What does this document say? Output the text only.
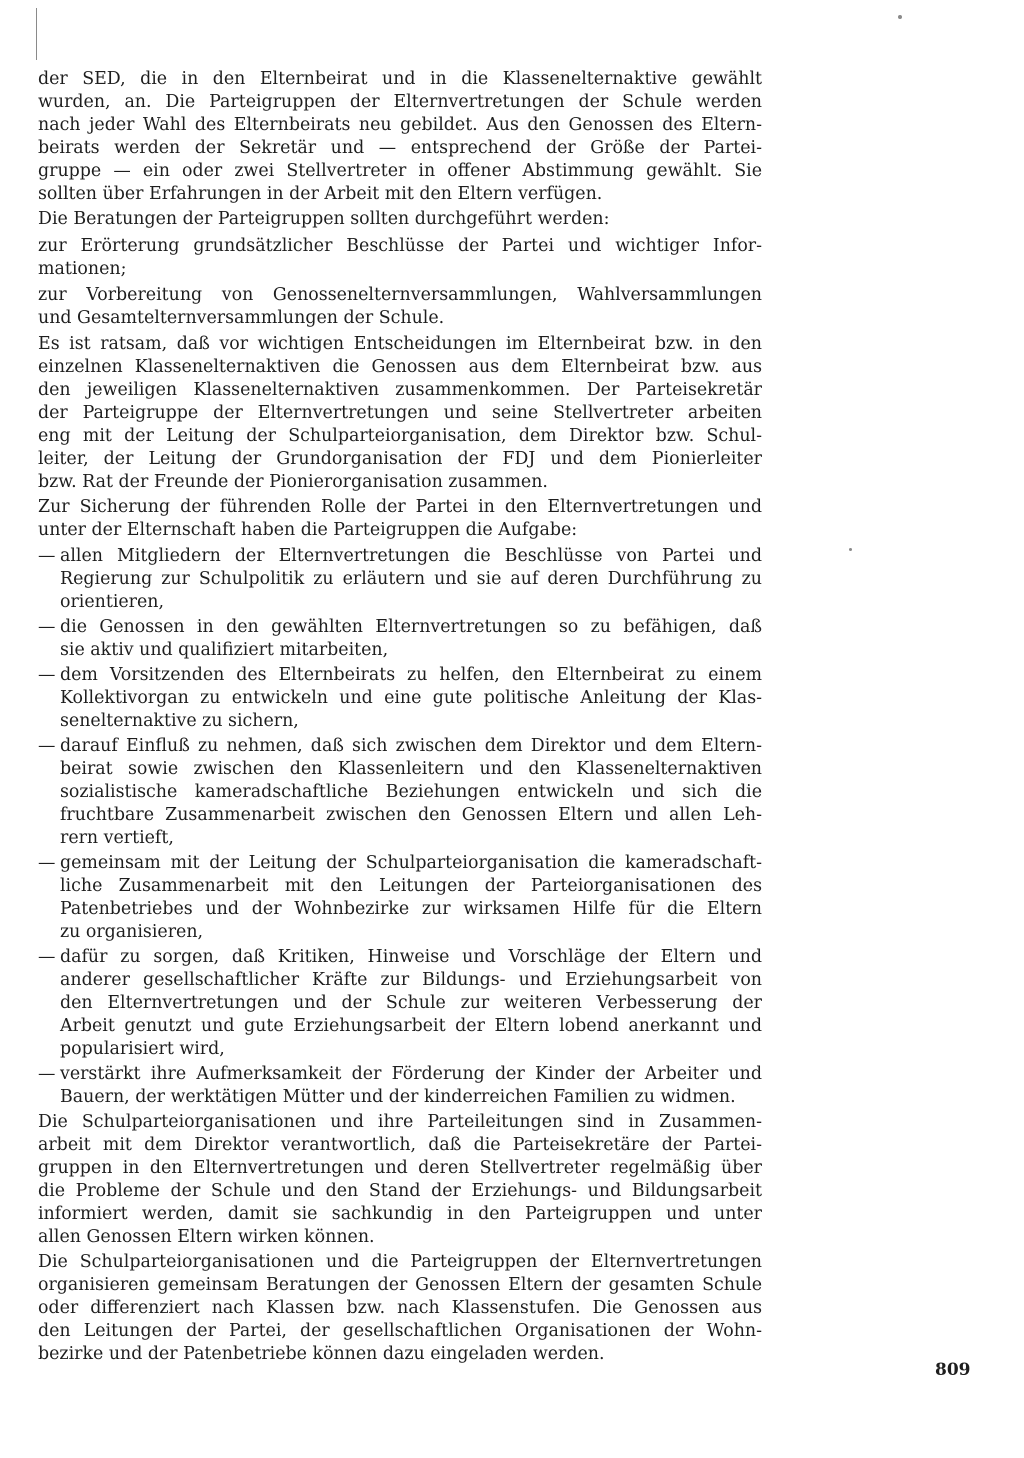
der SED, die in den Elternbeirat und in die Klassenelternaktive gewählt
wurden, an. Die Parteigruppen der Elternvertretungen der Schule werden
nach jeder Wahl des Elternbeirats neu gebildet. Aus den Genossen des Eltern-
beirats werden der Sekretär und — entsprechend der Größe der Partei-
gruppe — ein oder zwei Stellvertreter in offener Abstimmung gewählt. Sie
sollten über Erfahrungen in der Arbeit mit den Eltern verfügen.
Die Beratungen der Parteigruppen sollten durchgeführt werden:
zur Erörterung grundsätzlicher Beschlüsse der Partei und wichtiger Infor-
mationen;
zur Vorbereitung von Genossenelternversammlungen, Wahlversammlungen
und Gesamtelternversammlungen der Schule.
Es ist ratsam, daß vor wichtigen Entscheidungen im Elternbeirat bzw. in den
einzelnen Klassenelternaktiven die Genossen aus dem Elternbeirat bzw. aus
den jeweiligen Klassenelternaktiven zusammenkommen. Der Parteisekretär
der Parteigruppe der Elternvertretungen und seine Stellvertreter arbeiten
eng mit der Leitung der Schulparteiorganisation, dem Direktor bzw. Schul-
leiter, der Leitung der Grundorganisation der FDJ und dem Pionierleiter
bzw. Rat der Freunde der Pionierorganisation zusammen.
Zur Sicherung der führenden Rolle der Partei in den Elternvertretungen und
unter der Elternschaft haben die Parteigruppen die Aufgabe:
— allen Mitgliedern der Elternvertretungen die Beschlüsse von Partei und
Regierung zur Schulpolitik zu erläutern und sie auf deren Durchführung zu
orientieren,
— die Genossen in den gewählten Elternvertretungen so zu befähigen, daß
sie aktiv und qualifiziert mitarbeiten,
— dem Vorsitzenden des Elternbeirats zu helfen, den Elternbeirat zu einem
Kollektivorgan zu entwickeln und eine gute politische Anleitung der Klas-
senelternaktive zu sichern,
— darauf Einfluß zu nehmen, daß sich zwischen dem Direktor und dem Eltern-
beirat sowie zwischen den Klassenleitern und den Klassenelternaktiven
sozialistische kameradschaftliche Beziehungen entwickeln und sich die
fruchtbare Zusammenarbeit zwischen den Genossen Eltern und allen Leh-
rern vertieft,
— gemeinsam mit der Leitung der Schulparteiorganisation die kameradschaft-
liche Zusammenarbeit mit den Leitungen der Parteiorganisationen des
Patenbetriebes und der Wohnbezirke zur wirksamen Hilfe für die Eltern
zu organisieren,
— dafür zu sorgen, daß Kritiken, Hinweise und Vorschläge der Eltern und
anderer gesellschaftlicher Kräfte zur Bildungs- und Erziehungsarbeit von
den Elternvertretungen und der Schule zur weiteren Verbesserung der
Arbeit genutzt und gute Erziehungsarbeit der Eltern lobend anerkannt und
popularisiert wird,
— verstärkt ihre Aufmerksamkeit der Förderung der Kinder der Arbeiter und
Bauern, der werktätigen Mütter und der kinderreichen Familien zu widmen.
Die Schulparteiorganisationen und ihre Parteileitungen sind in Zusammen-
arbeit mit dem Direktor verantwortlich, daß die Parteisekretäre der Partei-
gruppen in den Elternvertretungen und deren Stellvertreter regelmäßig über
die Probleme der Schule und den Stand der Erziehungs- und Bildungsarbeit
informiert werden, damit sie sachkundig in den Parteigruppen und unter
allen Genossen Eltern wirken können.
Die Schulparteiorganisationen und die Parteigruppen der Elternvertretungen
organisieren gemeinsam Beratungen der Genossen Eltern der gesamten Schule
oder differenziert nach Klassen bzw. nach Klassenstufen. Die Genossen aus
den Leitungen der Partei, der gesellschaftlichen Organisationen der Wohn-
bezirke und der Patenbetriebe können dazu eingeladen werden.
809
